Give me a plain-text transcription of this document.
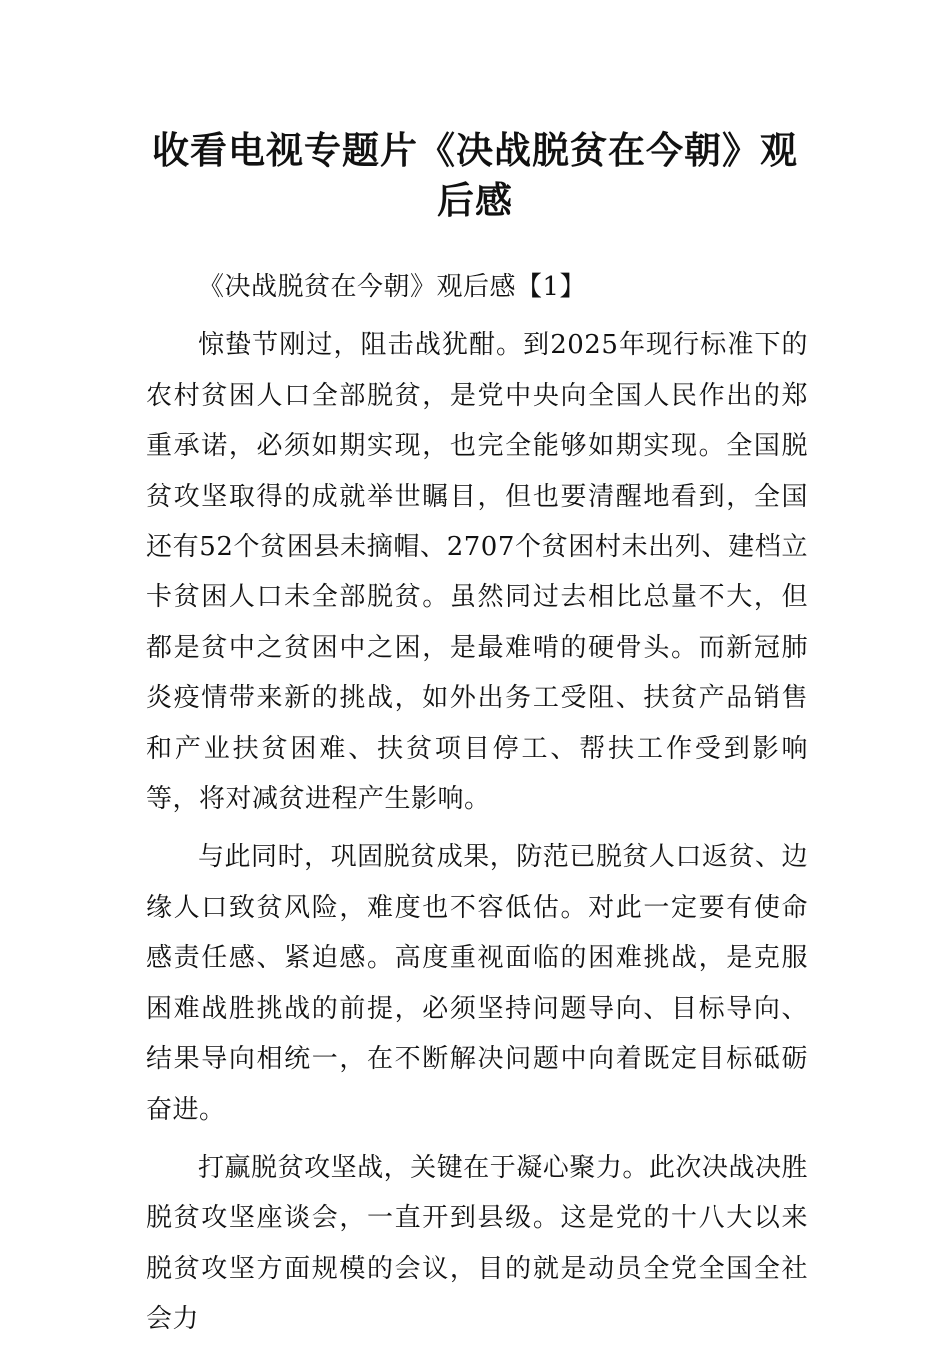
收看电视专题片《决战脱贫在今朝》观
后感

《决战脱贫在今朝》观后感【1】

惊蛰节刚过，阻击战犹酣。到2025年现行标准下的农村贫困人口全部脱贫，是党中央向全国人民作出的郑重承诺，必须如期实现，也完全能够如期实现。全国脱贫攻坚取得的成就举世瞩目，但也要清醒地看到，全国还有52个贫困县未摘帽、2707个贫困村未出列、建档立卡贫困人口未全部脱贫。虽然同过去相比总量不大，但都是贫中之贫困中之困，是最难啃的硬骨头。而新冠肺炎疫情带来新的挑战，如外出务工受阻、扶贫产品销售和产业扶贫困难、扶贫项目停工、帮扶工作受到影响等，将对减贫进程产生影响。

与此同时，巩固脱贫成果，防范已脱贫人口返贫、边缘人口致贫风险，难度也不容低估。对此一定要有使命感责任感、紧迫感。高度重视面临的困难挑战，是克服困难战胜挑战的前提，必须坚持问题导向、目标导向、结果导向相统一，在不断解决问题中向着既定目标砥砺奋进。

打赢脱贫攻坚战，关键在于凝心聚力。此次决战决胜脱贫攻坚座谈会，一直开到县级。这是党的十八大以来脱贫攻坚方面规模的会议，目的就是动员全党全国全社会力
